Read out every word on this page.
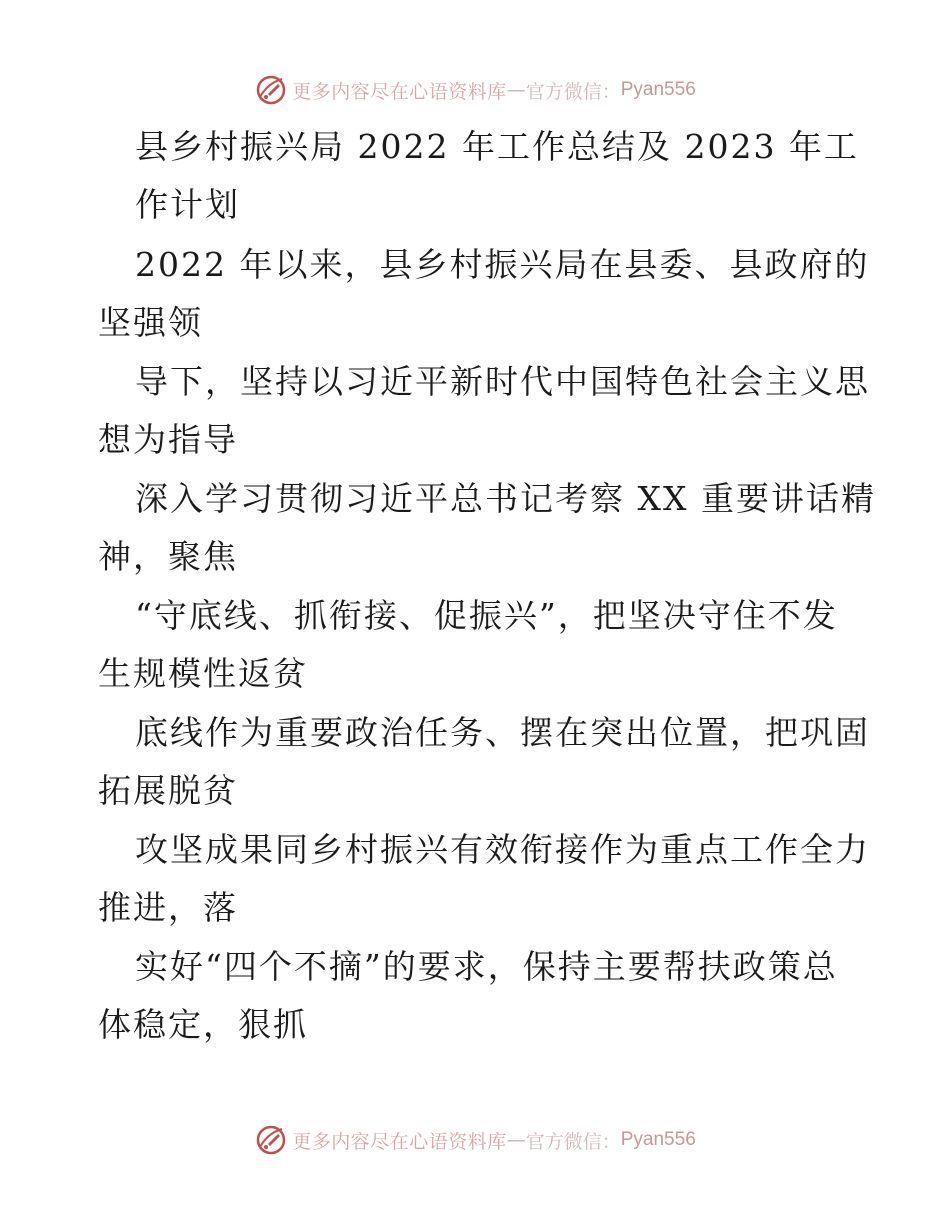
更多内容尽在心语资料库 — 官方微信： Pyan556
县乡村振兴局 2022 年工作总结及 2023 年工
作计划
2022 年以来，县乡村振兴局在县委、县政府的
坚强领
导下，坚持以习近平新时代中国特色社会主义思
想为指导
深入学习贯彻习近平总书记考察 XX 重要讲话精
神，聚焦
“守底线、抓衔接、促振兴”，把坚决守住不发
生规模性返贫
底线作为重要政治任务、摆在突出位置，把巩固
拓展脱贫
攻坚成果同乡村振兴有效衔接作为重点工作全力
推进，落
实好“四个不摘”的要求，保持主要帮扶政策总
体稳定，狠抓
更多内容尽在心语资料库 — 官方微信： Pyan556
